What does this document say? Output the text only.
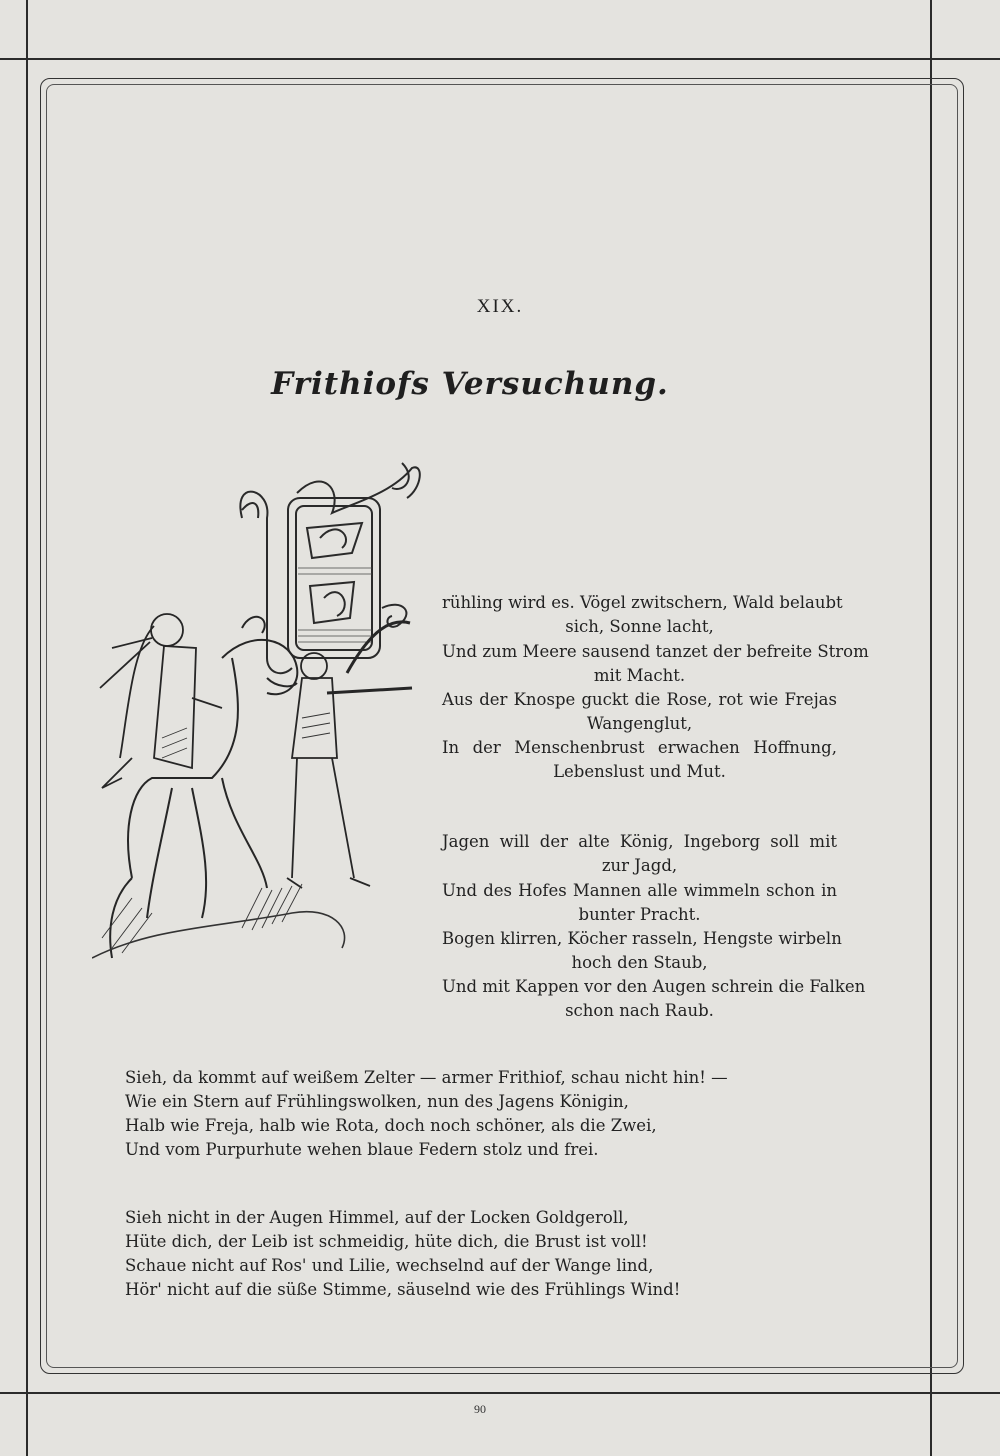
XIX.
Frithiofs Versuchung.
rühling wird es. Vögel zwitschern, Wald belaubt
sich, Sonne lacht,
Und zum Meere sausend tanzet der befreite Strom
mit Macht.
Aus der Knospe guckt die Rose, rot wie Frejas
Wangenglut,
In der Menschenbrust erwachen Hoffnung,
Lebenslust und Mut.
Jagen will der alte König, Ingeborg soll mit
zur Jagd,
Und des Hofes Mannen alle wimmeln schon in
bunter Pracht.
Bogen klirren, Köcher rasseln, Hengste wirbeln
hoch den Staub,
Und mit Kappen vor den Augen schrein die Falken
schon nach Raub.
Sieh, da kommt auf weißem Zelter — armer Frithiof, schau nicht hin! —
Wie ein Stern auf Frühlingswolken, nun des Jagens Königin,
Halb wie Freja, halb wie Rota, doch noch schöner, als die Zwei,
Und vom Purpurhute wehen blaue Federn stolz und frei.
Sieh nicht in der Augen Himmel, auf der Locken Goldgeroll,
Hüte dich, der Leib ist schmeidig, hüte dich, die Brust ist voll!
Schaue nicht auf Ros' und Lilie, wechselnd auf der Wange lind,
Hör' nicht auf die süße Stimme, säuselnd wie des Frühlings Wind!
90
